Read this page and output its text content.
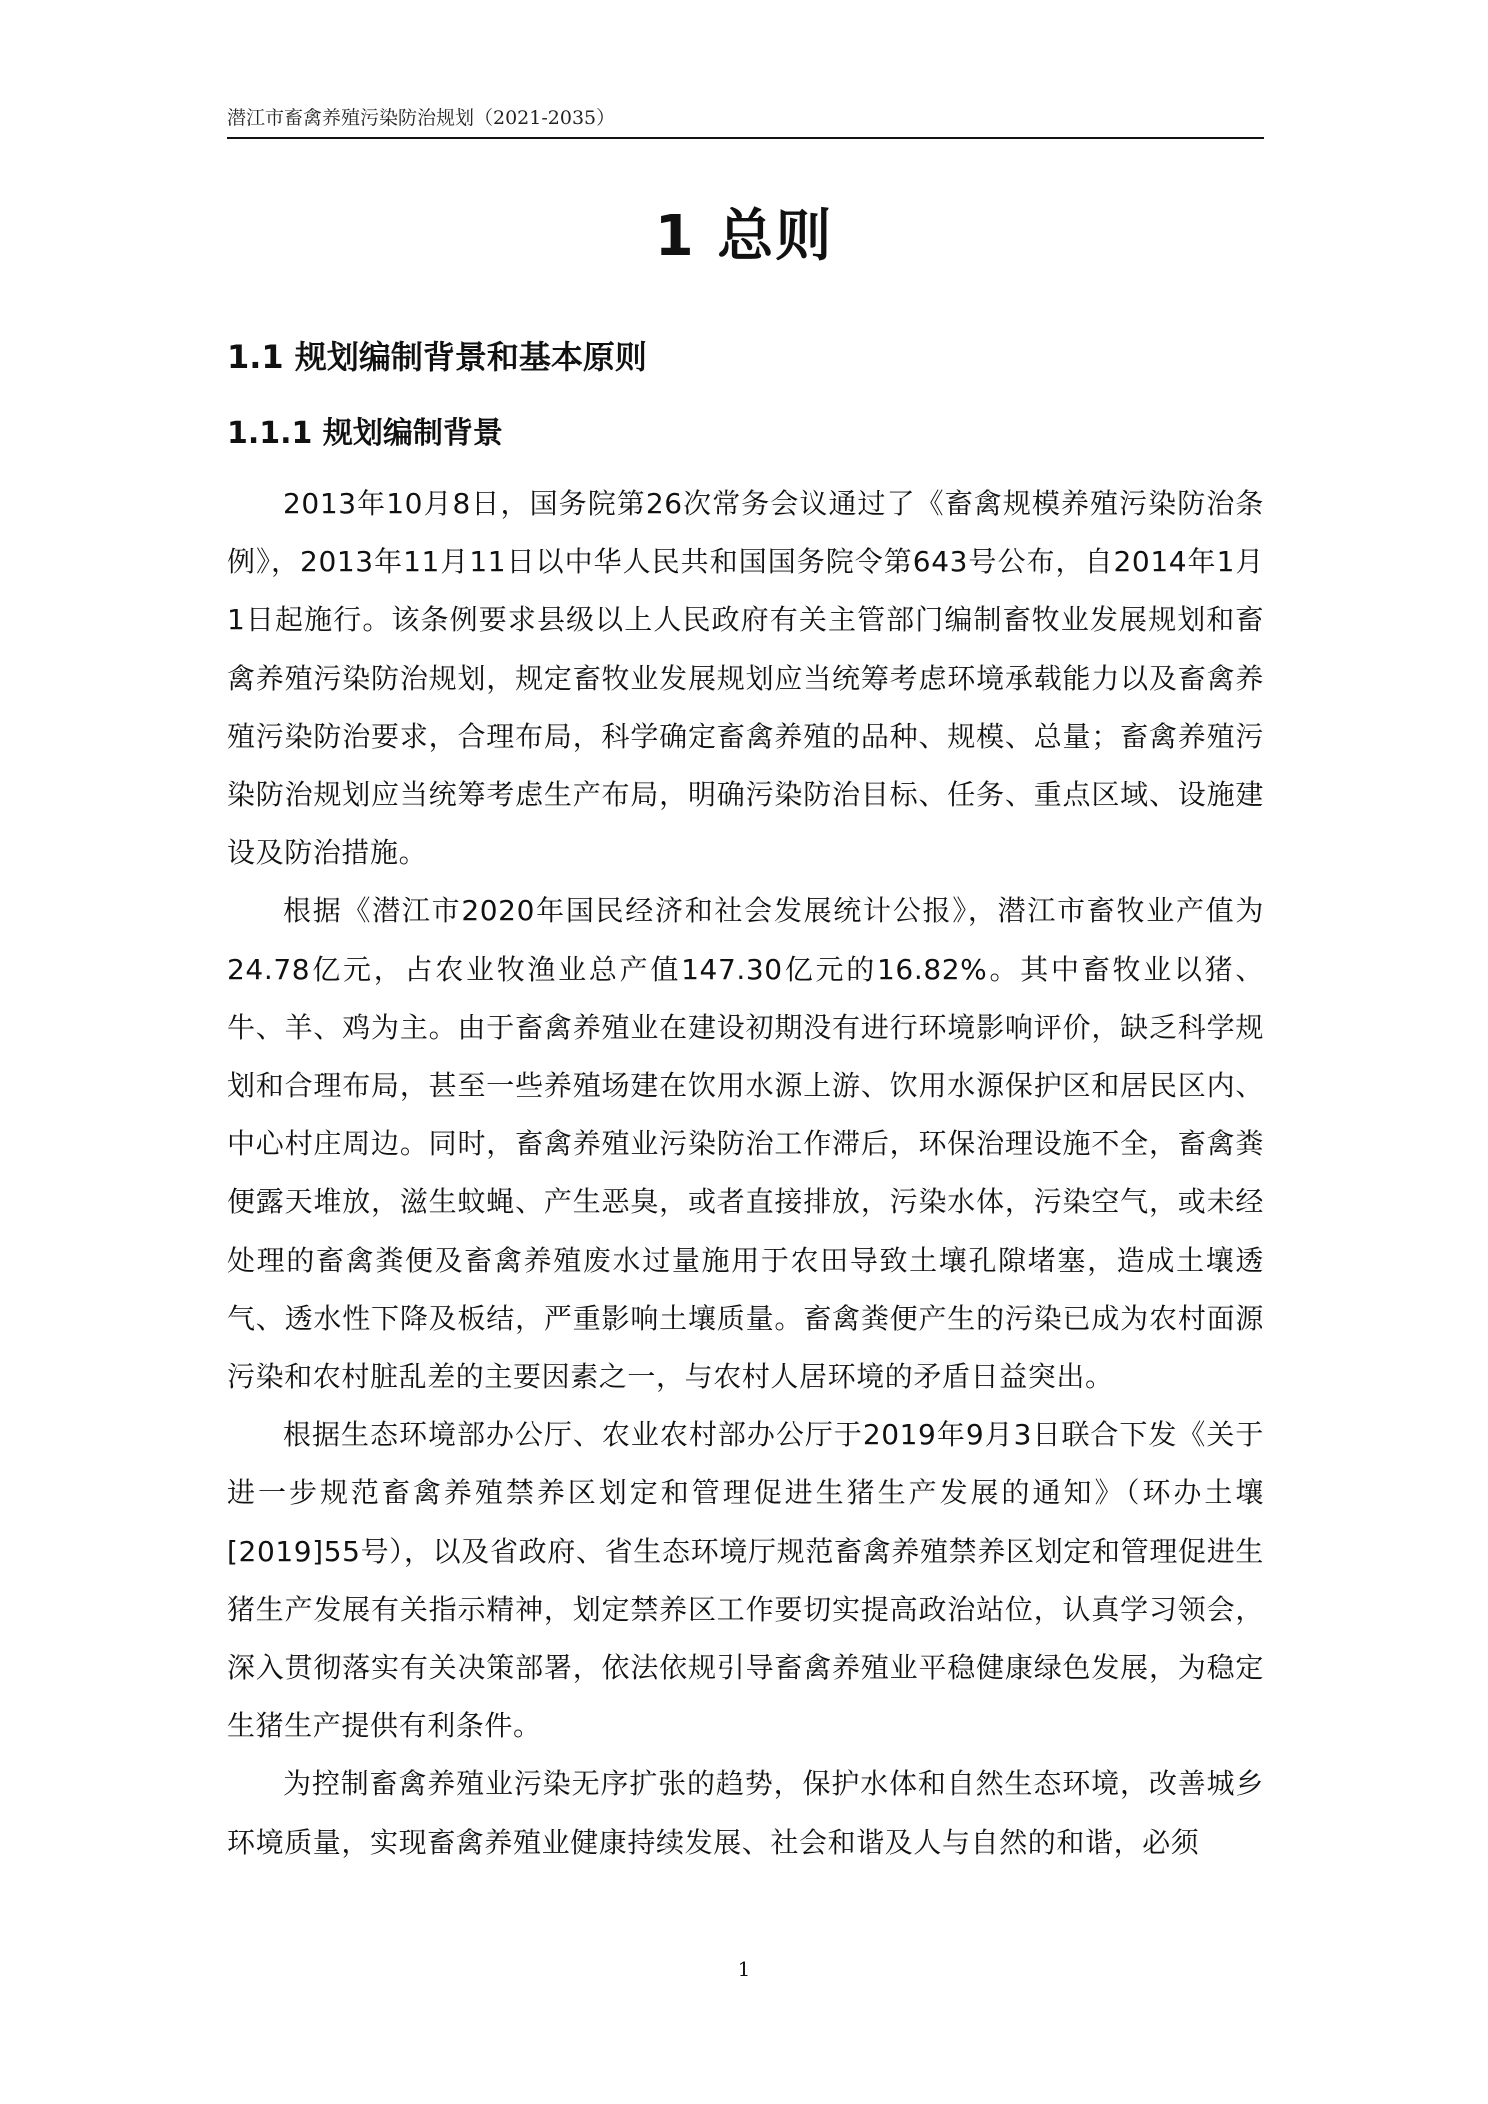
潜江市畜禽养殖污染防治规划（2021-2035）
1 总则
1.1 规划编制背景和基本原则
1.1.1 规划编制背景

2013年10月8日，国务院第26次常务会议通过了《畜禽规模养殖污染防治条例》，2013年11月11日以中华人民共和国国务院令第643号公布，自2014年1月1日起施行。该条例要求县级以上人民政府有关主管部门编制畜牧业发展规划和畜禽养殖污染防治规划，规定畜牧业发展规划应当统筹考虑环境承载能力以及畜禽养殖污染防治要求，合理布局，科学确定畜禽养殖的品种、规模、总量；畜禽养殖污染防治规划应当统筹考虑生产布局，明确污染防治目标、任务、重点区域、设施建设及防治措施。

根据《潜江市2020年国民经济和社会发展统计公报》，潜江市畜牧业产值为24.78亿元，占农业牧渔业总产值147.30亿元的16.82%。其中畜牧业以猪、牛、羊、鸡为主。由于畜禽养殖业在建设初期没有进行环境影响评价，缺乏科学规划和合理布局，甚至一些养殖场建在饮用水源上游、饮用水源保护区和居民区内、中心村庄周边。同时，畜禽养殖业污染防治工作滞后，环保治理设施不全，畜禽粪便露天堆放，滋生蚊蝇、产生恶臭，或者直接排放，污染水体，污染空气，或未经处理的畜禽粪便及畜禽养殖废水过量施用于农田导致土壤孔隙堵塞，造成土壤透气、透水性下降及板结，严重影响土壤质量。畜禽粪便产生的污染已成为农村面源污染和农村脏乱差的主要因素之一，与农村人居环境的矛盾日益突出。

根据生态环境部办公厅、农业农村部办公厅于2019年9月3日联合下发《关于进一步规范畜禽养殖禁养区划定和管理促进生猪生产发展的通知》（环办土壤[2019]55号），以及省政府、省生态环境厅规范畜禽养殖禁养区划定和管理促进生猪生产发展有关指示精神，划定禁养区工作要切实提高政治站位，认真学习领会，深入贯彻落实有关决策部署，依法依规引导畜禽养殖业平稳健康绿色发展，为稳定生猪生产提供有利条件。

为控制畜禽养殖业污染无序扩张的趋势，保护水体和自然生态环境，改善城乡环境质量，实现畜禽养殖业健康持续发展、社会和谐及人与自然的和谐，必须

1
